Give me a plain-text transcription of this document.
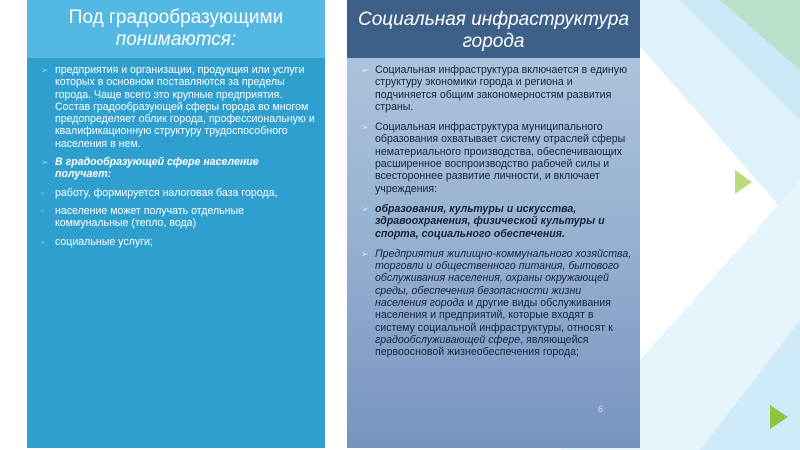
Под градообразующими
понимаются:
➢ предприятия и организации, продукция или услуги которых в основном поставляются за пределы города. Чаще всего это крупные предприятия. Состав градообразующей сферы города во многом предопределяет облик города, профессиональную и квалификационную структуру трудоспособного населения в нем.
➢ В градообразующей сфере население получает:
▫ работу, формируется налоговая база города,
▫ население может получать отдельные коммунальные (тепло, вода)
▫ социальные услуги;
Социальная инфраструктура
города
➢ Социальная инфраструктура включается в единую структуру экономики города и региона и подчиняется общим закономерностям развития страны.
➢ Социальная инфраструктура муниципального образования охватывает систему отраслей сферы нематериального производства, обеспечивающих расширенное воспроизводство рабочей силы и всестороннее развитие личности, и включает учреждения:
➢ образования, культуры и искусства, здравоохранения, физической культуры и спорта, социального обеспечения.
➢ Предприятия жилищно-коммунального хозяйства, торговли и общественного питания, бытового обслуживания населения, охраны окружающей среды, обеспечения безопасности жизни населения города и другие виды обслуживания населения и предприятий, которые входят в систему социальной инфраструктуры, относят к градообслуживающей сфере, являющейся первоосновой жизнеобеспечения города;
6
